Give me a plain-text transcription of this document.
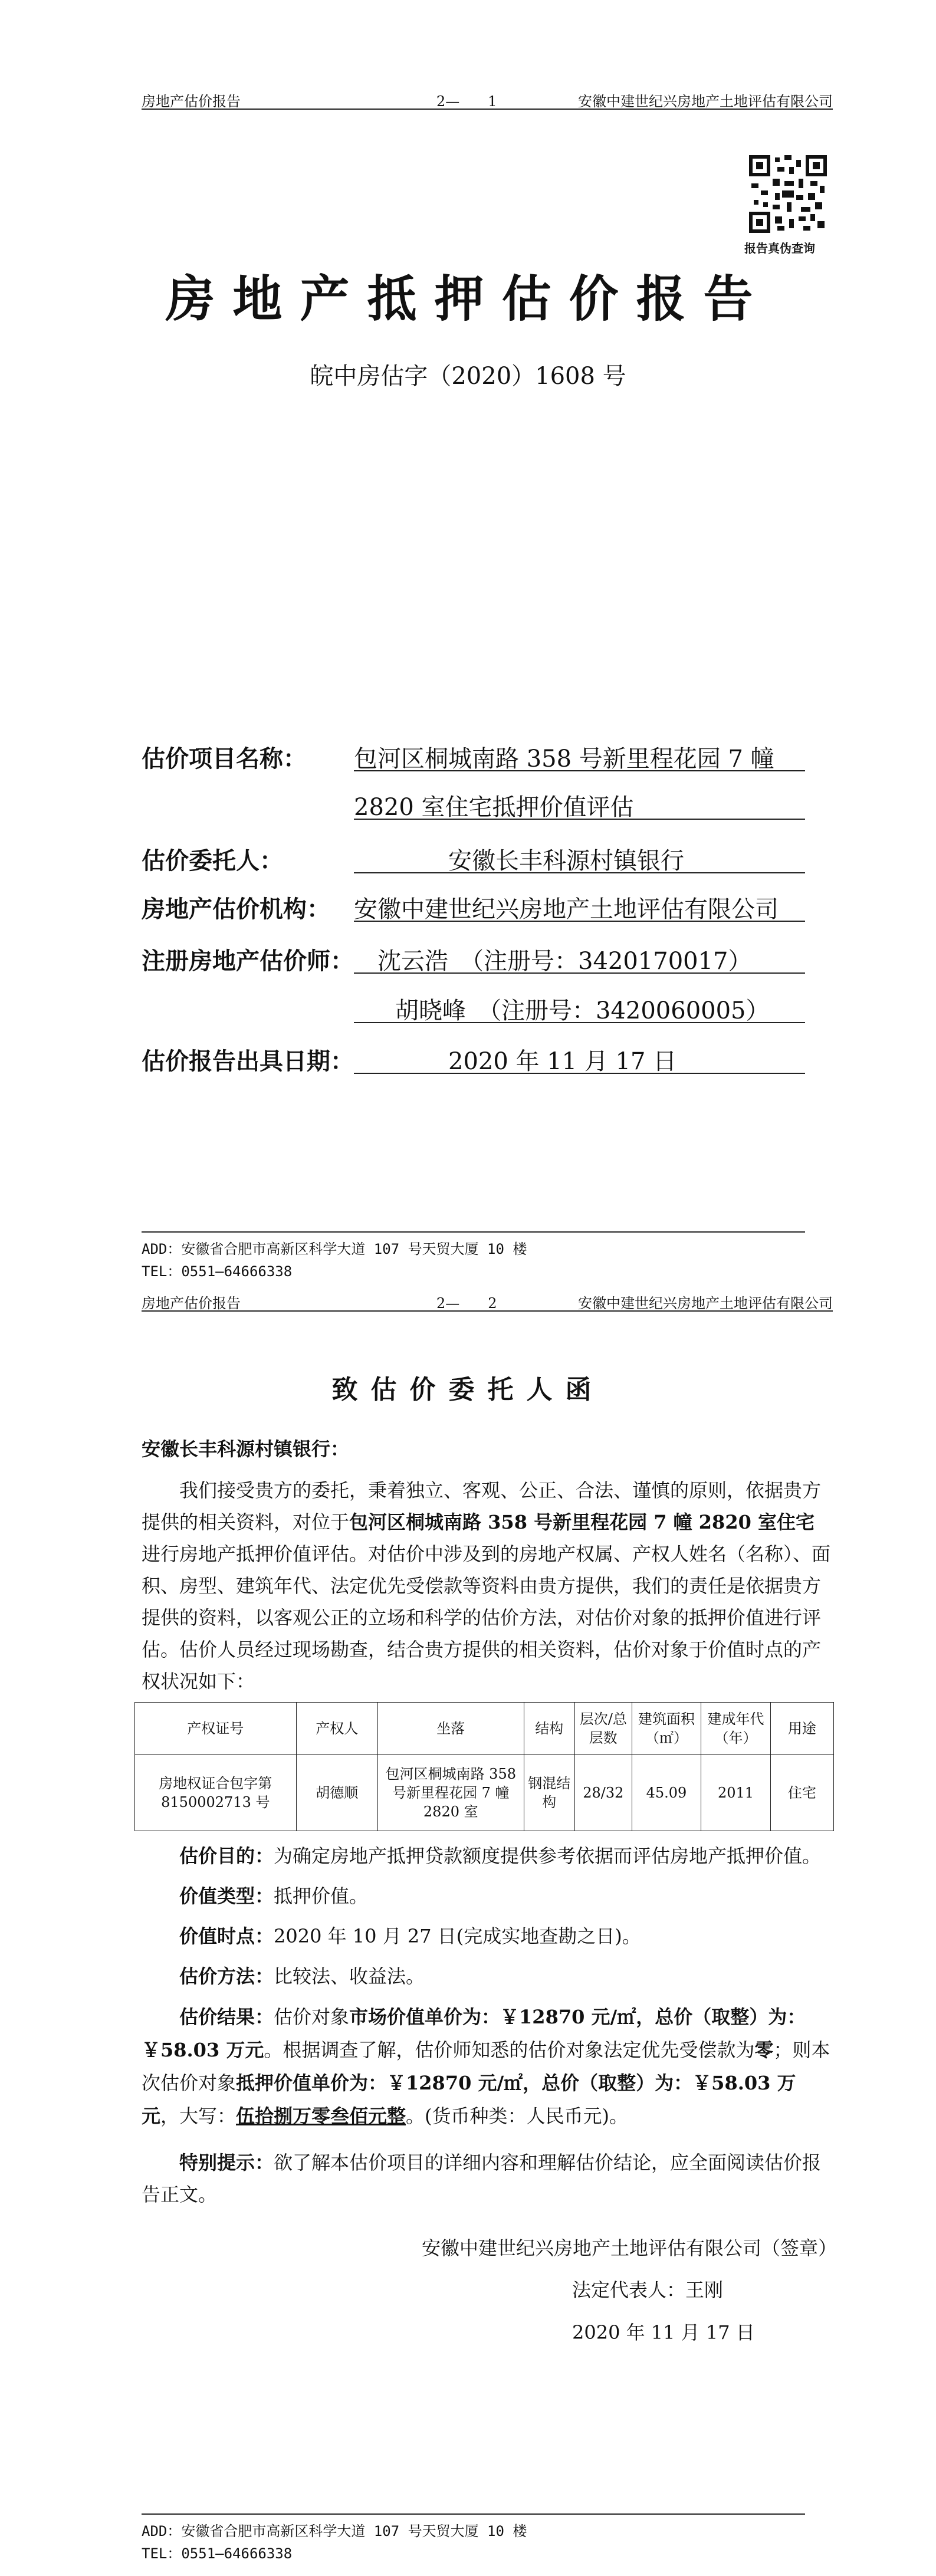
房地产估价报告	2—　　1	安徽中建世纪兴房地产土地评估有限公司
报告真伪查询
房地产抵押估价报告
皖中房估字（2020）1608 号
估价项目名称： 包河区桐城南路 358 号新里程花园 7 幢
2820 室住宅抵押价值评估
估价委托人：	安徽长丰科源村镇银行
房地产估价机构： 安徽中建世纪兴房地产土地评估有限公司
注册房地产估价师： 沈云浩　（注册号：3420170017）
胡晓峰　（注册号：3420060005）
估价报告出具日期：	2020 年 11 月 17 日
ADD：安徽省合肥市高新区科学大道 107 号天贸大厦 10 楼
TEL：0551—64666338
房地产估价报告	2—　　2	安徽中建世纪兴房地产土地评估有限公司
致估价委托人函
安徽长丰科源村镇银行：
我们接受贵方的委托，秉着独立、客观、公正、合法、谨慎的原则，依据贵方提供的相关资料，对位于包河区桐城南路 358 号新里程花园 7 幢 2820 室住宅进行房地产抵押价值评估。对估价中涉及到的房地产权属、产权人姓名（名称）、面积、房型、建筑年代、法定优先受偿款等资料由贵方提供，我们的责任是依据贵方提供的资料，以客观公正的立场和科学的估价方法，对估价对象的抵押价值进行评估。 估价人员经过现场勘查，结合贵方提供的相关资料，估价对象于价值时点的产权状况如下：
产权证号	产权人	坐落	结构	层次/总层数	建筑面积（㎡）	建成年代（年）	用途
房地权证合包字第 8150002713 号	胡德顺	包河区桐城南路 358 号新里程花园 7 幢 2820 室	钢混结构	28/32	45.09	2011	住宅
估价目的：为确定房地产抵押贷款额度提供参考依据而评估房地产抵押价值。
价值类型：抵押价值。
价值时点：2020 年 10 月 27 日(完成实地查勘之日)。
估价方法：比较法、收益法。
估价结果：估价对象市场价值单价为：￥12870 元/㎡，总价（取整）为：￥58.03 万元。根据调查了解，估价师知悉的估价对象法定优先受偿款为零；则本次估价对象抵押价值单价为：￥12870 元/㎡，总价（取整）为：￥58.03 万元，大写：伍拾捌万零叁佰元整。(货币种类：人民币元)。
特别提示：欲了解本估价项目的详细内容和理解估价结论，应全面阅读估价报告正文。
安徽中建世纪兴房地产土地评估有限公司（签章）
法定代表人：王刚
2020 年 11 月 17 日
ADD：安徽省合肥市高新区科学大道 107 号天贸大厦 10 楼
TEL：0551—64666338
